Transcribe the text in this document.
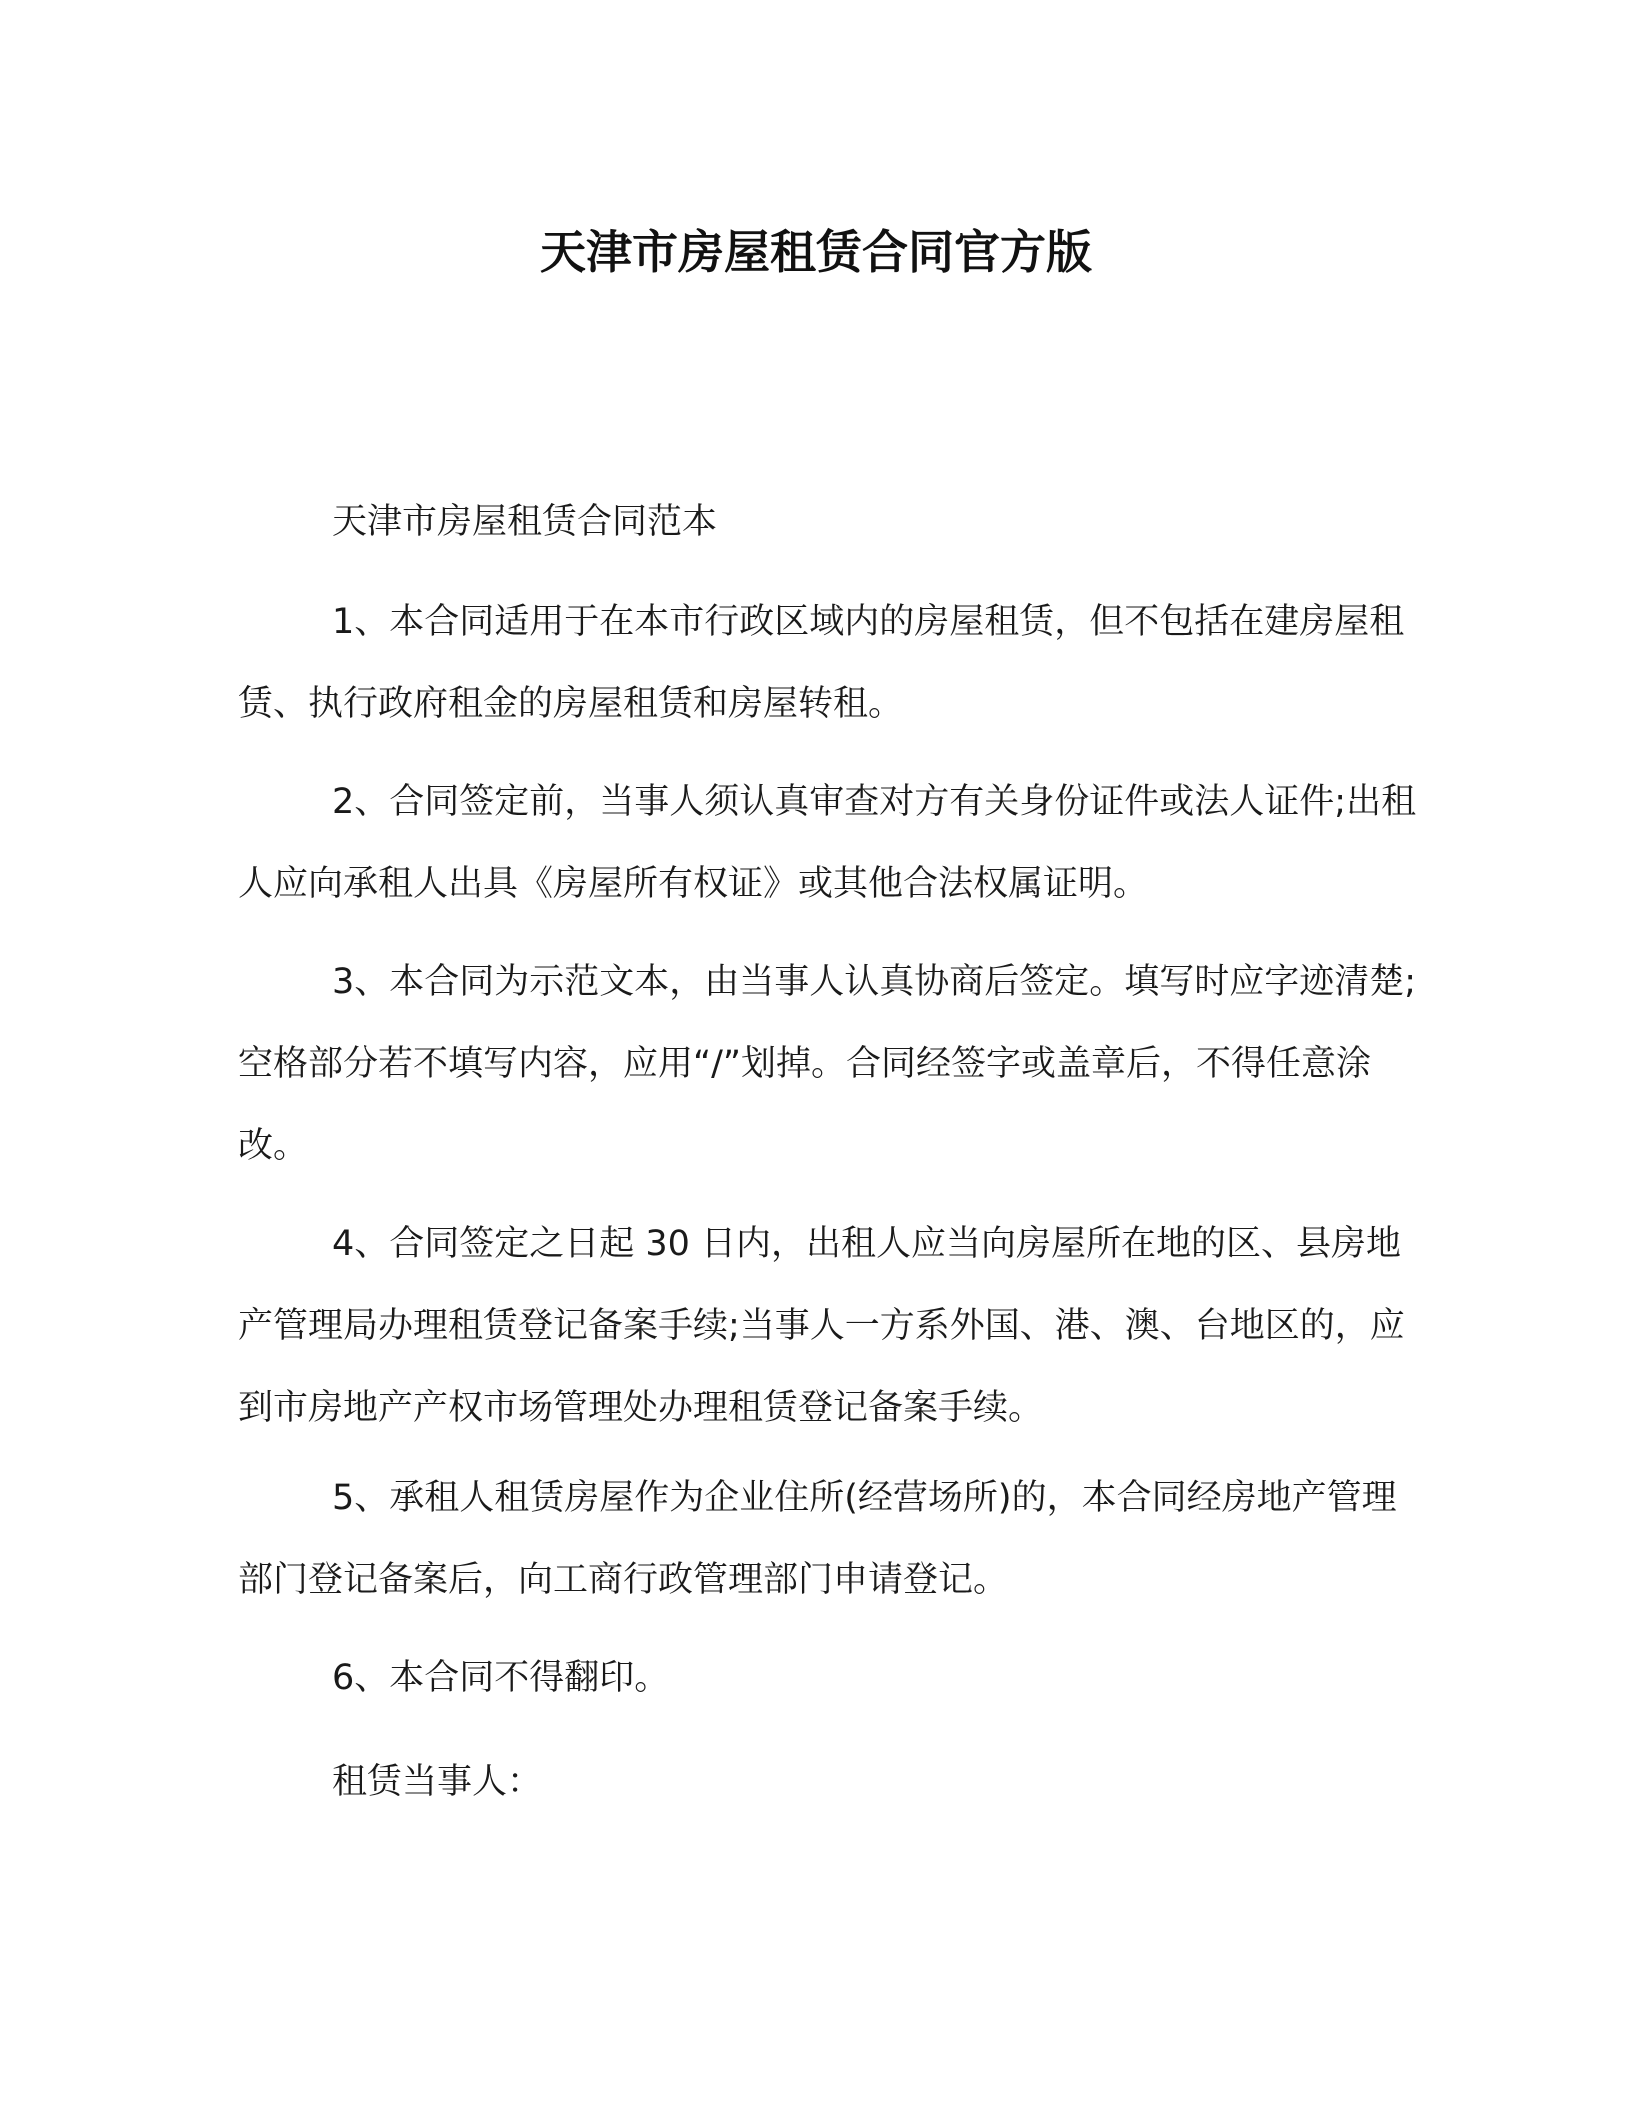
天津市房屋租赁合同官方版

天津市房屋租赁合同范本

1、本合同适用于在本市行政区域内的房屋租赁，但不包括在建房屋租赁、执行政府租金的房屋租赁和房屋转租。

2、合同签定前，当事人须认真审查对方有关身份证件或法人证件;出租人应向承租人出具《房屋所有权证》或其他合法权属证明。

3、本合同为示范文本，由当事人认真协商后签定。填写时应字迹清楚;空格部分若不填写内容，应用“/”划掉。合同经签字或盖章后，不得任意涂改。

4、合同签定之日起 30 日内，出租人应当向房屋所在地的区、县房地产管理局办理租赁登记备案手续;当事人一方系外国、港、澳、台地区的，应到市房地产产权市场管理处办理租赁登记备案手续。

5、承租人租赁房屋作为企业住所(经营场所)的，本合同经房地产管理部门登记备案后，向工商行政管理部门申请登记。

6、本合同不得翻印。

租赁当事人：
